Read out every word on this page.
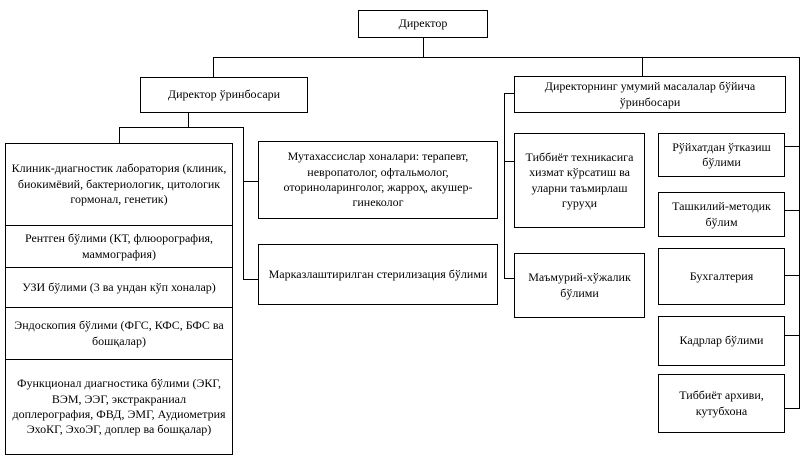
Директор
Директор ўринбосари
Директорнинг умумий масалалар бўйича ўринбосари
Клиник-диагностик лаборатория (клиник, биокимёвий, бактериологик, цитологик гормонал, генетик)
Рентген бўлими (КТ, флюорография, маммография)
УЗИ бўлими (3 ва ундан кўп хоналар)
Эндоскопия бўлими (ФГС, КФС, БФС ва бошқалар)
Функционал диагностика бўлими (ЭКГ, ВЭМ, ЭЭГ, экстракраниал доплерография, ФВД, ЭМГ, Аудиометрия ЭхоКГ, ЭхоЭГ, доплер ва бошқалар)
Мутахассислар хоналари: терапевт, невропатолог, офтальмолог, оториноларинголог, жарроҳ, акушер-гинеколог
Марказлаштирилган стерилизация бўлими
Тиббиёт техникасига хизмат кўрсатиш ва уларни таъмирлаш гуруҳи
Маъмурий-хўжалик бўлими
Рўйхатдан ўтказиш бўлими
Ташкилий-методик бўлим
Бухгалтерия
Кадрлар бўлими
Тиббиёт архиви, кутубхона
